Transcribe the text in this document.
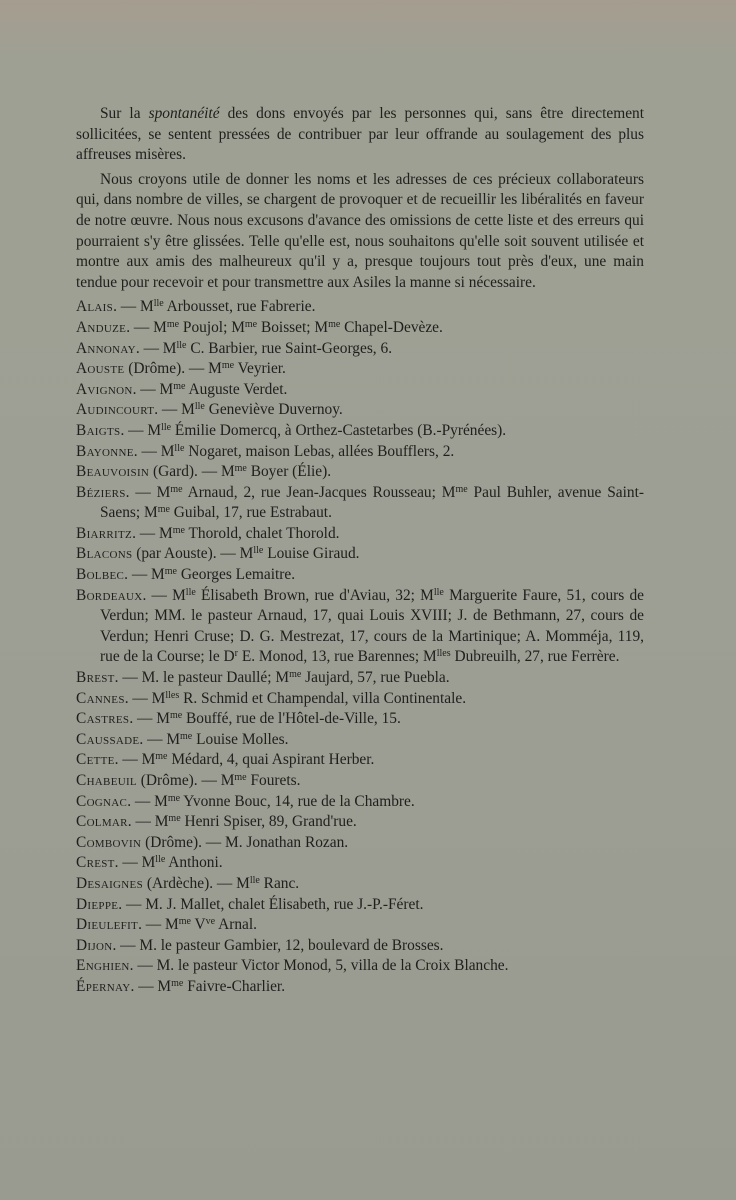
Sur la spontanéité des dons envoyés par les personnes qui, sans être directement sollicitées, se sentent pressées de contribuer par leur offrande au soulagement des plus affreuses misères.

Nous croyons utile de donner les noms et les adresses de ces précieux collaborateurs qui, dans nombre de villes, se chargent de provoquer et de recueillir les libéralités en faveur de notre œuvre. Nous nous excusons d'avance des omissions de cette liste et des erreurs qui pourraient s'y être glissées. Telle qu'elle est, nous souhaitons qu'elle soit souvent utilisée et montre aux amis des malheureux qu'il y a, presque toujours tout près d'eux, une main tendue pour recevoir et pour transmettre aux Asiles la manne si nécessaire.

Alais. — $M^{lle}$ Arbousset, rue Fabrerie.

Anduze. — $M^{me}$ Poujol; $M^{me}$ Boisset; $M^{me}$ Chapel-Devèze.

Annonay. — $M^{lle}$ C. Barbier, rue Saint-Georges, 6.

Aouste (Drôme). — $M^{me}$ Veyrier.

Avignon. — $M^{me}$ Auguste Verdet.

Audincourt. — $M^{lle}$ Geneviève Duvernoy.

Baigts. — $M^{lle}$ Émilie Domercq, à Orthez-Castetarbes (B.-Pyrénées).

Bayonne. — $M^{lle}$ Nogaret, maison Lebas, allées Boufflers, 2.

Beauvoisin (Gard). — $M^{me}$ Boyer (Élie).

Béziers. — $M^{me}$ Arnaud, 2, rue Jean-Jacques Rousseau; $M^{me}$ Paul Buhler, avenue Saint-Saens; $M^{me}$ Guibal, 17, rue Estrabaut.

Biarritz. — $M^{me}$ Thorold, chalet Thorold.

Blacons (par Aouste). — $M^{lle}$ Louise Giraud.

Bolbec. — $M^{me}$ Georges Lemaitre.

Bordeaux. — $M^{lle}$ Élisabeth Brown, rue d'Aviau, 32; $M^{lle}$ Marguerite Faure, 51, cours de Verdun; MM. le pasteur Arnaud, 17, quai Louis XVIII; J. de Bethmann, 27, cours de Verdun; Henri Cruse; D. G. Mestrezat, 17, cours de la Martinique; A. Momméja, 119, rue de la Course; le $D^r$ E. Monod, 13, rue Barennes; $M^{lles}$ Dubreuilh, 27, rue Ferrère.

Brest. — M. le pasteur Daullé; $M^{me}$ Jaujard, 57, rue Puebla.

Cannes. — $M^{lles}$ R. Schmid et Champendal, villa Continentale.

Castres. — $M^{me}$ Bouffé, rue de l'Hôtel-de-Ville, 15.

Caussade. — $M^{me}$ Louise Molles.

Cette. — $M^{me}$ Médard, 4, quai Aspirant Herber.

Chabeuil (Drôme). — $M^{me}$ Fourets.

Cognac. — $M^{me}$ Yvonne Bouc, 14, rue de la Chambre.

Colmar. — $M^{me}$ Henri Spiser, 89, Grand'rue.

Combovin (Drôme). — M. Jonathan Rozan.

Crest. — $M^{lle}$ Anthoni.

Desaignes (Ardèche). — $M^{lle}$ Ranc.

Dieppe. — M. J. Mallet, chalet Élisabeth, rue J.-P.-Féret.

Dieulefit. — $M^{me}$ $V^{ve}$ Arnal.

Dijon. — M. le pasteur Gambier, 12, boulevard de Brosses.

Enghien. — M. le pasteur Victor Monod, 5, villa de la Croix Blanche.

Épernay. — $M^{me}$ Faivre-Charlier.
